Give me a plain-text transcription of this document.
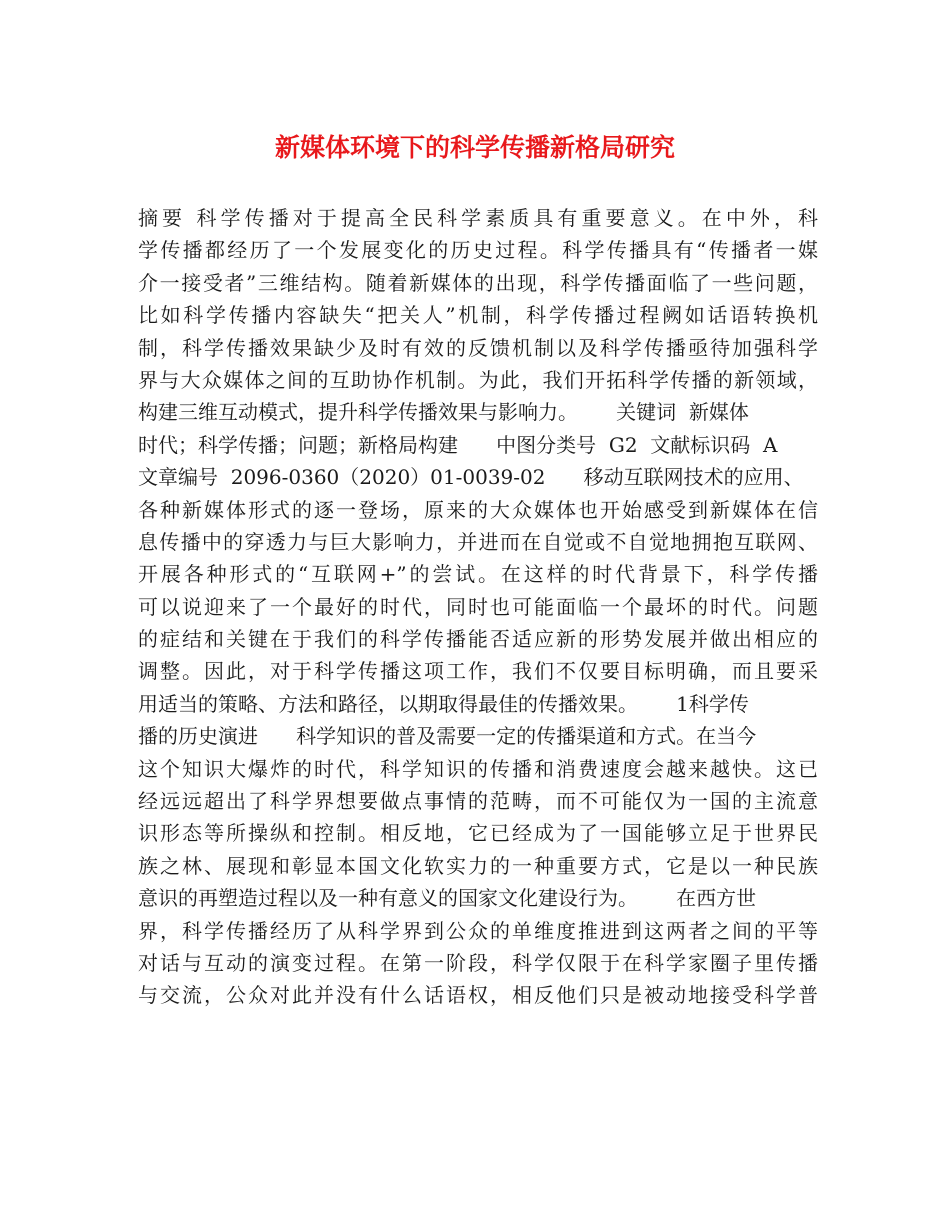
新媒体环境下的科学传播新格局研究
摘要 科学传播对于提高全民科学素质具有重要意义。在中外，科
学传播都经历了一个发展变化的历史过程。科学传播具有“传播者一媒
介一接受者”三维结构。随着新媒体的出现，科学传播面临了一些问题，
比如科学传播内容缺失“把关人”机制，科学传播过程阙如话语转换机
制，科学传播效果缺少及时有效的反馈机制以及科学传播亟待加强科学
界与大众媒体之间的互助协作机制。为此，我们开拓科学传播的新领域，
构建三维互动模式，提升科学传播效果与影响力。      关键词  新媒体
时代；科学传播；问题；新格局构建      中图分类号  G2  文献标识码  A
文章编号  2096-0360（2020）01-0039-02      移动互联网技术的应用、
各种新媒体形式的逐一登场，原来的大众媒体也开始感受到新媒体在信
息传播中的穿透力与巨大影响力，并进而在自觉或不自觉地拥抱互联网、
开展各种形式的“互联网+”的尝试。在这样的时代背景下，科学传播
可以说迎来了一个最好的时代，同时也可能面临一个最坏的时代。问题
的症结和关键在于我们的科学传播能否适应新的形势发展并做出相应的
调整。因此，对于科学传播这项工作，我们不仅要目标明确，而且要采
用适当的策略、方法和路径，以期取得最佳的传播效果。      1科学传
播的历史演进      科学知识的普及需要一定的传播渠道和方式。在当今
这个知识大爆炸的时代，科学知识的传播和消费速度会越来越快。这已
经远远超出了科学界想要做点事情的范畴，而不可能仅为一国的主流意
识形态等所操纵和控制。相反地，它已经成为了一国能够立足于世界民
族之林、展现和彰显本国文化软实力的一种重要方式，它是以一种民族
意识的再塑造过程以及一种有意义的国家文化建设行为。      在西方世
界，科学传播经历了从科学界到公众的单维度推进到这两者之间的平等
对话与互动的演变过程。在第一阶段，科学仅限于在科学家圈子里传播
与交流，公众对此并没有什么话语权，相反他们只是被动地接受科学普
